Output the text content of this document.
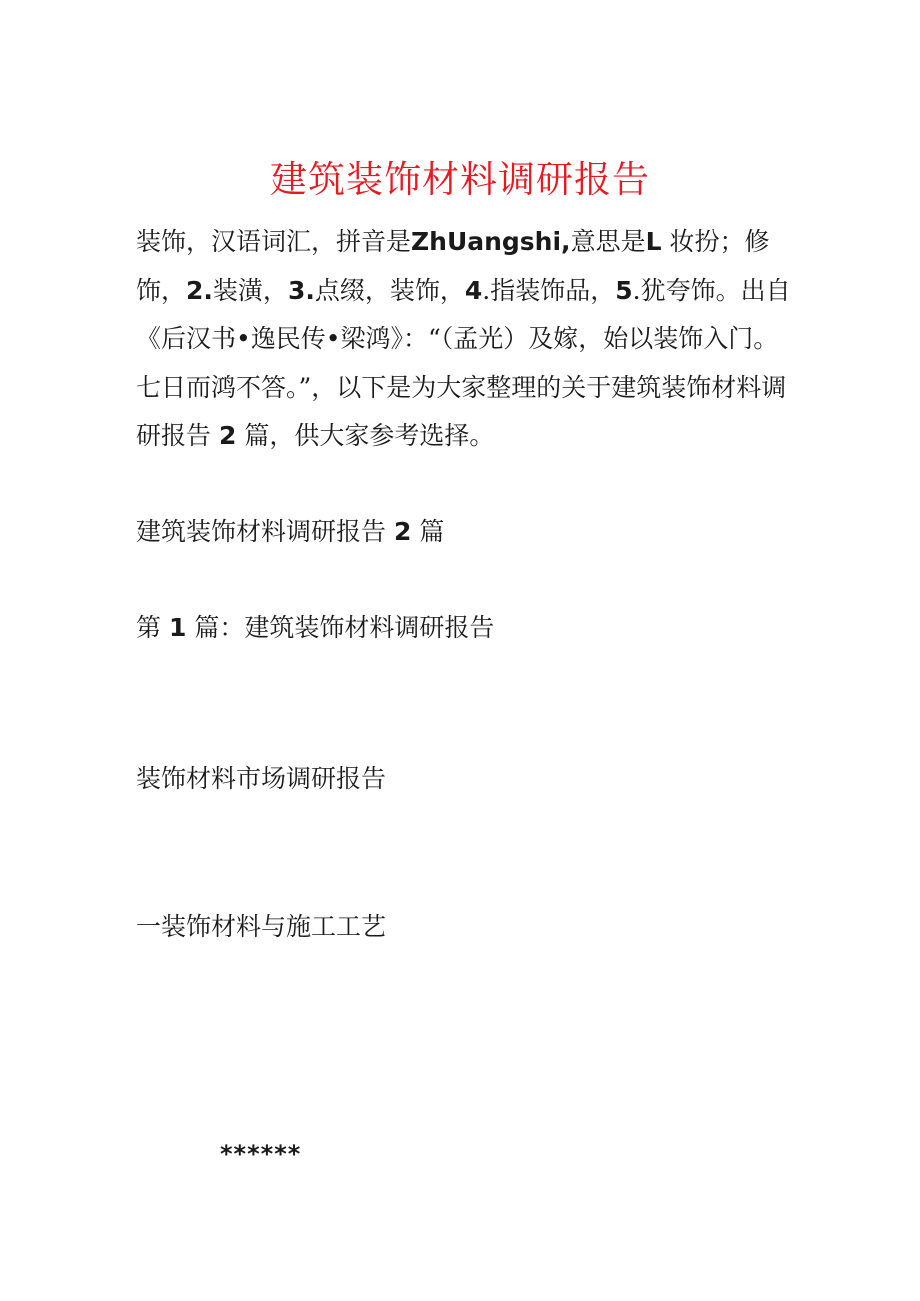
建筑装饰材料调研报告

装饰，汉语词汇，拼音是ZhUangshi,意思是L 妆扮；修饰，2.装潢，3.点缀，装饰，4.指装饰品，5.犹夸饰。出自《后汉书•逸民传•梁鸿》：“（孟光）及嫁，始以装饰入门。七日而鸿不答。”，以下是为大家整理的关于建筑装饰材料调研报告 2 篇，供大家参考选择。

建筑装饰材料调研报告 2 篇

第 1 篇：建筑装饰材料调研报告

装饰材料市场调研报告

一装饰材料与施工工艺

******
